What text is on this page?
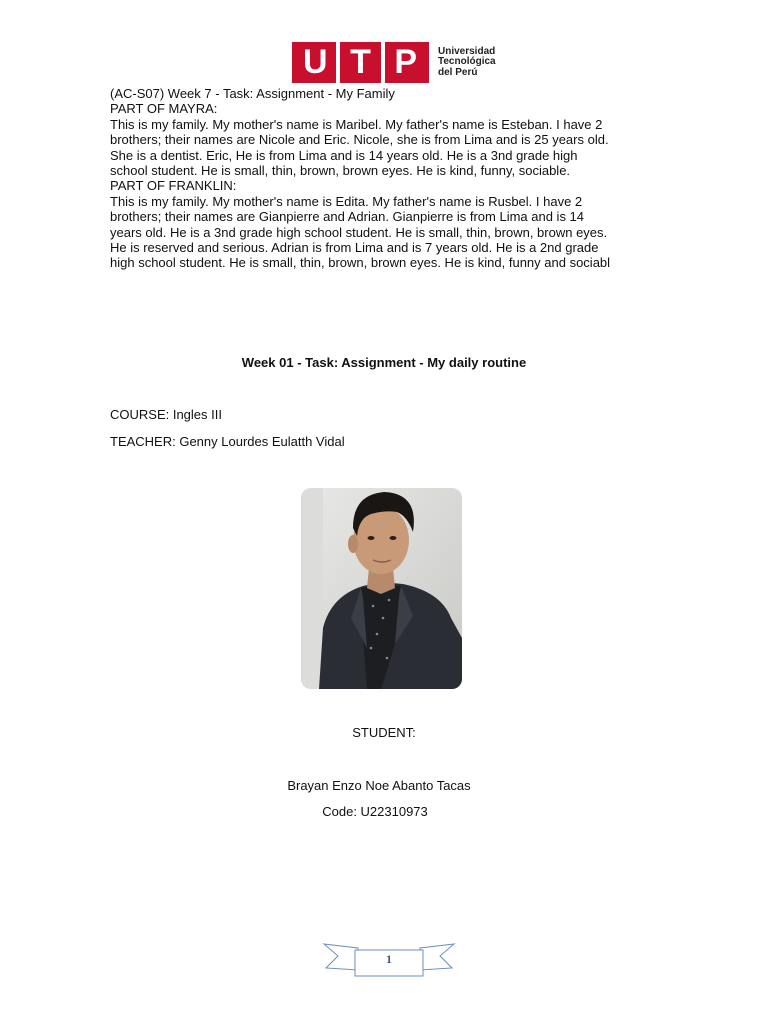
U T P	Universidad
Tecnológica
del Perú

(AC-S07) Week 7 - Task: Assignment - My Family

PART OF MAYRA:

This is my family. My mother's name is Maribel. My father's name is Esteban. I have 2 brothers; their names are Nicole and Eric. Nicole, she is from Lima and is 25 years old. She is a dentist. Eric, He is from Lima and is 14 years old. He is a 3nd grade high school student. He is small, thin, brown, brown eyes. He is kind, funny, sociable.

PART OF FRANKLIN:

This is my family. My mother's name is Edita. My father's name is Rusbel. I have 2 brothers; their names are Gianpierre and Adrian. Gianpierre is from Lima and is 14 years old. He is a 3nd grade high school student. He is small, thin, brown, brown eyes. He is reserved and serious. Adrian is from Lima and is 7 years old. He is a 2nd grade high school student. He is small, thin, brown, brown eyes. He is kind, funny and sociabl

Week 01 - Task: Assignment - My daily routine
COURSE: Ingles III
TEACHER: Genny Lourdes Eulatth Vidal
STUDENT:
Brayan Enzo Noe Abanto Tacas
Code: U22310973
1
